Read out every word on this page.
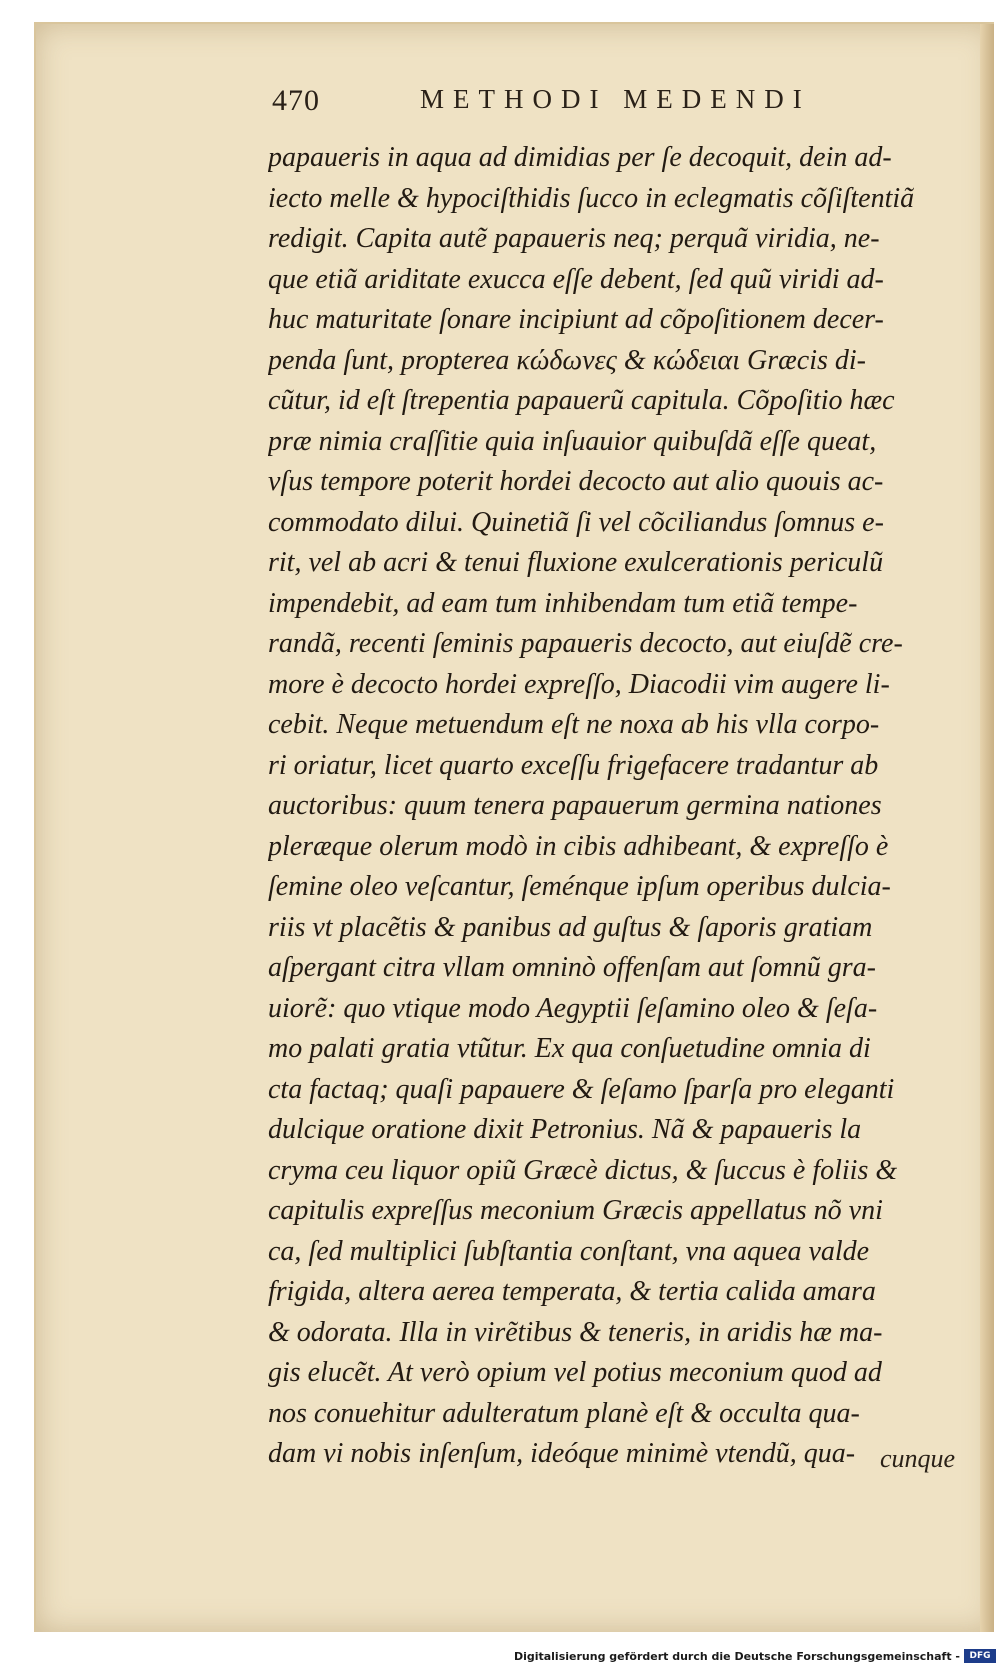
470	METHODI MEDENDI
papaueris in aqua ad dimidias per ſe decoquit, dein ad-
iecto melle & hypociſthidis ſucco in eclegmatis cõſiſtentiã
redigit. Capita autẽ papaueris neq; perquã viridia, ne-
que etiã ariditate exucca eſſe debent, ſed quũ viridi ad-
huc maturitate ſonare incipiunt ad cõpoſitionem decer-
penda ſunt, propterea κώδωνες & κώδειαι Græcis di-
cũtur, id eſt ſtrepentia papauerũ capitula. Cõpoſitio hæc
præ nimia craſſitie quia inſuauior quibuſdã eſſe queat,
vſus tempore poterit hordei decocto aut alio quouis ac-
commodato dilui. Quinetiã ſi vel cõciliandus ſomnus e-
rit, vel ab acri & tenui fluxione exulcerationis periculũ
impendebit, ad eam tum inhibendam tum etiã tempe-
randã, recenti ſeminis papaueris decocto, aut eiuſdẽ cre-
more è decocto hordei expreſſo, Diacodii vim augere li-
cebit. Neque metuendum eſt ne noxa ab his vlla corpo-
ri oriatur, licet quarto exceſſu frigefacere tradantur ab
auctoribus: quum tenera papauerum germina nationes
pleræque olerum modò in cibis adhibeant, & expreſſo è
ſemine oleo veſcantur, ſeménque ipſum operibus dulcia-
riis vt placẽtis & panibus ad guſtus & ſaporis gratiam
aſpergant citra vllam omninò offenſam aut ſomnũ gra-
uiorẽ: quo vtique modo Aegyptii ſeſamino oleo & ſeſa-
mo palati gratia vtũtur. Ex qua conſuetudine omnia di
cta factaq; quaſi papauere & ſeſamo ſparſa pro eleganti
dulcique oratione dixit Petronius. Nã & papaueris la
cryma ceu liquor opiũ Græcè dictus, & ſuccus è foliis &
capitulis expreſſus meconium Græcis appellatus nõ vni
ca, ſed multiplici ſubſtantia conſtant, vna aquea valde
frigida, altera aerea temperata, & tertia calida amara
& odorata. Illa in virẽtibus & teneris, in aridis hæ ma-
gis elucẽt. At verò opium vel potius meconium quod ad
nos conuehitur adulteratum planè eſt & occulta qua-
dam vi nobis inſenſum, ideóque minimè vtendũ, qua- cunque
Digitalisierung gefördert durch die Deutsche Forschungsgemeinschaft -	DFG
